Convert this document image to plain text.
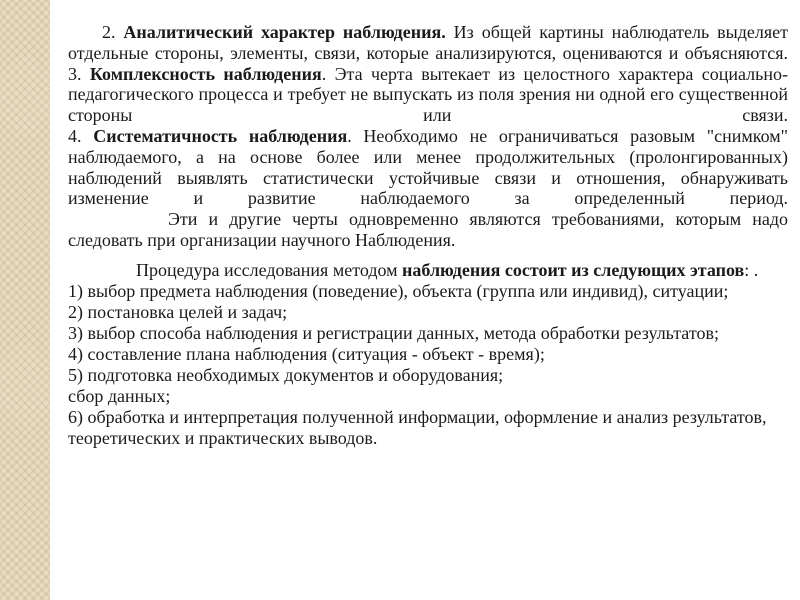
2. Аналитический характер наблюдения. Из общей картины наблюдатель выделяет отдельные стороны, элементы, связи, которые анализируются, оцениваются и объясняются.

3. Комплексность наблюдения. Эта черта вытекает из целостного характера социально-педагогического процесса и требует не выпускать из поля зрения ни одной его существенной стороны или связи.

4. Систематичность наблюдения. Необходимо не ограничиваться разовым "снимком" наблюдаемого, а на основе более или менее продолжительных (пролонгированных) наблюдений выявлять статистически устойчивые связи и отношения, обнаруживать изменение и развитие наблюдаемого за определенный период.

Эти и другие черты одновременно являются требованиями, которым надо следовать при организации научного Наблюдения.

Процедура исследования методом наблюдения состоит из следующих этапов: .

1) выбор предмета наблюдения (поведение), объекта (группа или индивид), ситуации;

2) постановка целей и задач;

3) выбор способа наблюдения и регистрации данных, метода обработки результатов;

4) составление плана наблюдения (ситуация - объект - время);

5) подготовка необходимых документов и оборудования;

сбор данных;

6) обработка и интерпретация полученной информации, оформление и анализ результатов, теоретических и практических выводов.
